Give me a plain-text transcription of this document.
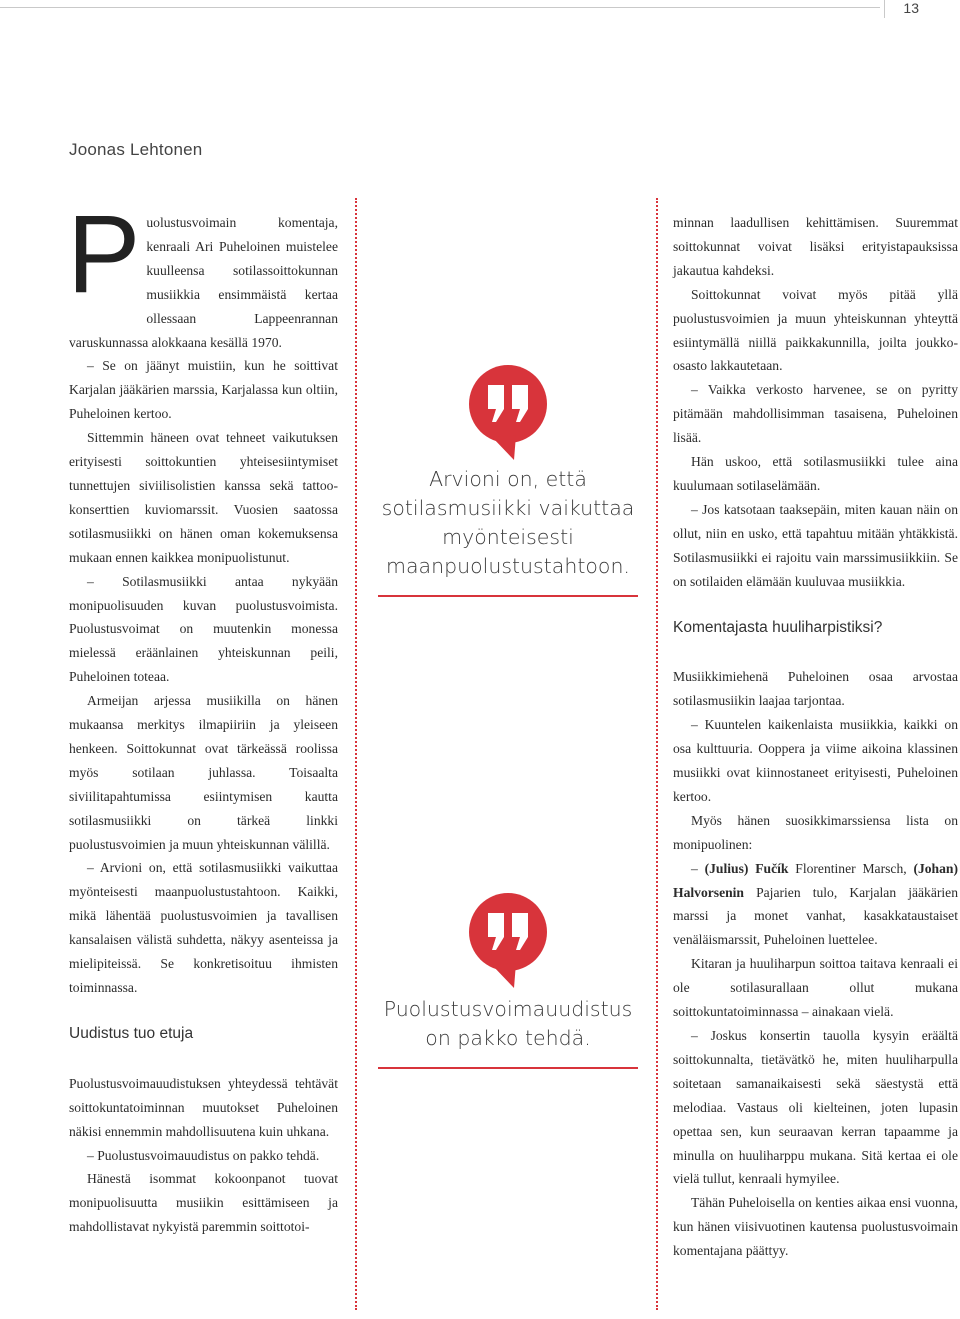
13
Joonas Lehtonen

Puolustusvoimain komentaja, kenraali Ari Puheloinen muistelee kuulleensa sotilassoittokunnan musiikkia ensimmäistä kertaa ollessaan Lappeenrannan varuskunnassa alokkaana kesällä 1970.

– Se on jäänyt muistiin, kun he soittivat Karjalan jääkärien marssia, Karjalassa kun oltiin, Puheloinen kertoo.

Sittemmin häneen ovat tehneet vaikutuksen erityisesti soittokuntien yhteisesiintymiset tunnettujen siviilisolistien kanssa sekä tattoo-konserttien kuviomarssit. Vuosien saatossa sotilasmusiikki on hänen oman kokemuksensa mukaan ennen kaikkea monipuolistunut.

– Sotilasmusiikki antaa nykyään monipuolisuuden kuvan puolustusvoimista. Puolustusvoimat on muutenkin monessa mielessä eräänlainen yhteiskunnan peili, Puheloinen toteaa.

Armeijan arjessa musiikilla on hänen mukaansa merkitys ilmapiiriin ja yleiseen henkeen. Soittokunnat ovat tärkeässä roolissa myös sotilaan juhlassa. Toisaalta siviilitapahtumissa esiintymisen kautta sotilasmusiikki on tärkeä linkki puolustusvoimien ja muun yhteiskunnan välillä.

– Arvioni on, että sotilasmusiikki vaikuttaa myönteisesti maanpuolustustahtoon. Kaikki, mikä lähentää puolustusvoimien ja tavallisen kansalaisen välistä suhdetta, näkyy asenteissa ja mielipiteissä. Se konkretisoituu ihmisten toiminnassa.

Uudistus tuo etuja

Puolustusvoimauudistuksen yhteydessä tehtävät soittokuntatoiminnan muutokset Puheloinen näkisi ennemmin mahdollisuutena kuin uhkana.

– Puolustusvoimauudistus on pakko tehdä.

Hänestä isommat kokoonpanot tuovat monipuolisuutta musiikin esittämiseen ja mahdollistavat nykyistä paremmin soittotoi-

Arvioni on, että sotilasmusiikki vaikuttaa myönteisesti maanpuolustustahtoon.
Puolustusvoimauudistus on pakko tehdä.

minnan laadullisen kehittämisen. Suuremmat soittokunnat voivat lisäksi erityistapauksissa jakautua kahdeksi.

Soittokunnat voivat myös pitää yllä puolustusvoimien ja muun yhteiskunnan yhteyttä esiintymällä niillä paikkakunnilla, joilta joukko-osasto lakkautetaan.

– Vaikka verkosto harvenee, se on pyritty pitämään mahdollisimman tasaisena, Puheloinen lisää.

Hän uskoo, että sotilasmusiikki tulee aina kuulumaan sotilaselämään.

– Jos katsotaan taaksepäin, miten kauan näin on ollut, niin en usko, että tapahtuu mitään yhtäkkistä. Sotilasmusiikki ei rajoitu vain marssimusiikkiin. Se on sotilaiden elämään kuuluvaa musiikkia.

Komentajasta huuliharpistiksi?

Musiikkimiehenä Puheloinen osaa arvostaa sotilasmusiikin laajaa tarjontaa.

– Kuuntelen kaikenlaista musiikkia, kaikki on osa kulttuuria. Ooppera ja viime aikoina klassinen musiikki ovat kiinnostaneet erityisesti, Puheloinen kertoo.

Myös hänen suosikkimarssiensa lista on monipuolinen:

– (Julius) Fučík Florentiner Marsch, (Johan) Halvorsenin Pajarien tulo, Karjalan jääkärien marssi ja monet vanhat, kasakkataustaiset venäläismarssit, Puheloinen luettelee.

Kitaran ja huuliharpun soittoa taitava kenraali ei ole sotilasurallaan ollut mukana soittokuntatoiminnassa – ainakaan vielä.

– Joskus konsertin tauolla kysyin eräältä soittokunnalta, tietävätkö he, miten huuliharpulla soitetaan samanaikaisesti sekä säestystä että melodiaa. Vastaus oli kielteinen, joten lupasin opettaa sen, kun seuraavan kerran tapaamme ja minulla on huuliharppu mukana. Sitä kertaa ei ole vielä tullut, kenraali hymyilee.

Tähän Puheloisella on kenties aikaa ensi vuonna, kun hänen viisivuotinen kautensa puolustusvoimain komentajana päättyy.
